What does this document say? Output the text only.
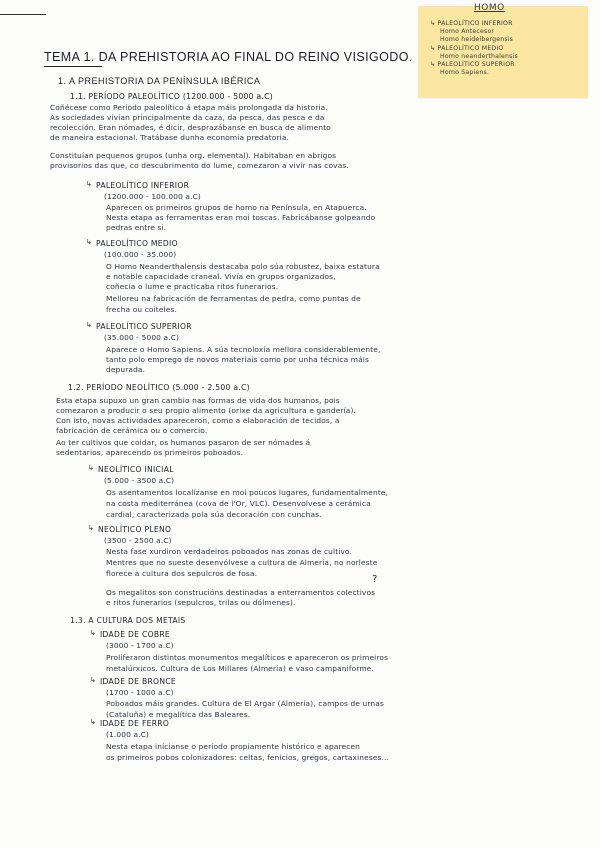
HOMO
↳ PALEOLÍTICO INFERIOR
Homo Antecesor
Homo heidelbergensis
↳ PALEOLÍTICO MEDIO
Homo neanderthalensis
↳ PALEOLÍTICO SUPERIOR
Homo Sapiens.
TEMA 1. DA PREHISTORIA AO FINAL DO REINO VISIGODO.
1. A PREHISTORIA DA PENÍNSULA IBÉRICA
1.1. PERÍODO PALEOLÍTICO (1200.000 - 5000 a.C)
Coñécese como Período paleolítico á etapa máis prolongada da historia.
As sociedades vivían principalmente da caza, da pesca, das pesca e da
recolección. Eran nómades, é dicir, desprazábanse en busca de alimento
de maneira estacional. Tratábase dunha economía predatoria.
Constituían pequenos grupos (unha org. elemental). Habitaban en abrigos
provisorios das que, co descubrimento do lume, comezaron a vivir nas covas.
↳ PALEOLÍTICO INFERIOR
(1200.000 - 100.000 a.C)
Aparecen os primeiros grupos de homo na Península, en Atapuerca.
Nesta etapa as ferramentas eran moi toscas. Fabricábanse golpeando
pedras entre si.
↳ PALEOLÍTICO MEDIO
(100.000 - 35.000)
O Homo Neanderthalensis destacaba polo súa robustez, baixa estatura
e notable capacidade craneal. Vivía en grupos organizados,
coñecía o lume e practicaba ritos funerarios.
Melloreu na fabricación de ferramentas de pedra, como puntas de
frecha ou coiteles.
↳ PALEOLÍTICO SUPERIOR
(35.000 - 5000 a.C)
Aparece o Homo Sapiens. A súa tecnoloxía mellora considerablemente,
tanto polo emprego de novos materiais como por unha técnica máis
depurada.
1.2. PERÍODO NEOLÍTICO (5.000 - 2.500 a.C)
Esta etapa supuxo un gran cambio nas formas de vida dos humanos, pois
comezaron a producir o seu propio alimento (orixe da agricultura e gandería).
Con isto, novas actividades apareceron, como a elaboración de tecidos, a
fabricación de cerámica ou o comercio.
Ao ter cultivos que coidar, os humanos pasaron de ser nómades á
sedentarios, aparecendo os primeiros poboados.
↳ NEOLÍTICO INICIAL
(5.000 - 3500 a.C)
Os asentamentos localízanse en moi poucos lugares, fundamentalmente,
na costa mediterránea (cova de l'Or, VLC). Desenvolvese a cerámica
cardial, caracterizada pola súa decoración con cunchas.
↳ NEOLÍTICO PLENO
(3500 - 2500 a.C)
Nesta fase xurdiron verdadeiros poboados nas zonas de cultivo.
Mentres que no sueste desenvólvese a cultura de Almería, no norleste
florece a cultura dos sepulcros de fosa.
?
Os megalitos son construcións destinadas a enterramentos colectivos
e ritos funerarios (sepulcros, trilas ou dólmenes).
1.3. A CULTURA DOS METAIS
↳ IDADE DE COBRE
(3000 - 1700 a.C)
Proliferaron distintos monumentos megalíticos e apareceron os primeiros
metalúrxicos. Cultura de Los Millares (Almería) e vaso campaniforme.
↳ IDADE DE BRONCE
(1700 - 1000 a.C)
Poboados máis grandes. Cultura de El Argar (Almería), campos de urnas
(Cataluña) e megalítica das Baleares.
↳ IDADE DE FERRO
(1.000 a.C)
Nesta etapa inícianse o período propiamente histórico e aparecen
os primeiros pobos colonizadores: celtas, fenicios, gregos, cartaxineses...
